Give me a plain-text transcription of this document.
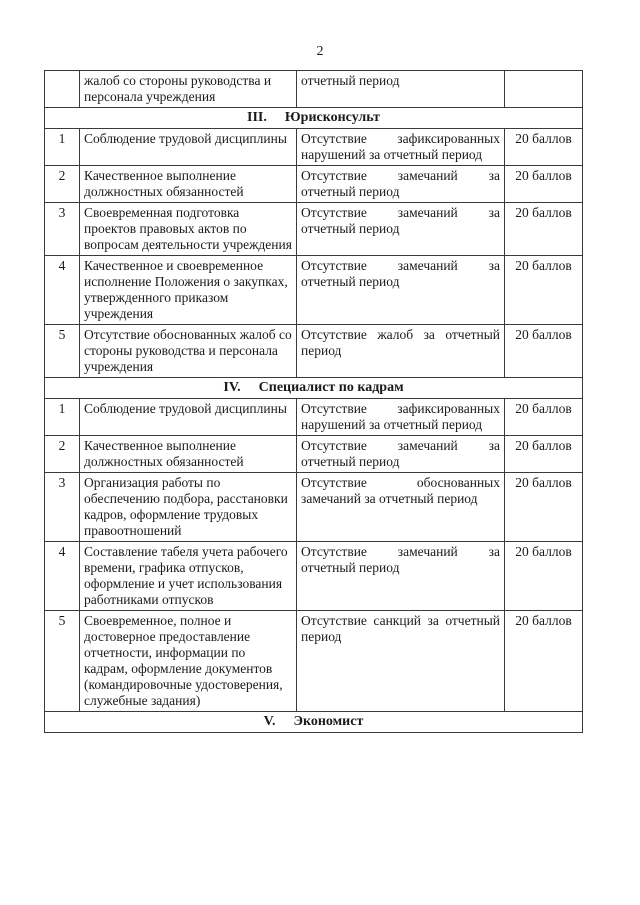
2
	жалоб со стороны руководства и персонала учреждения	отчетный период	
III. Юрисконсульт			
1	Соблюдение трудовой дисциплины	Отсутствие зафиксированных нарушений за отчетный период	20 баллов
2	Качественное выполнение должностных обязанностей	Отсутствие замечаний за отчетный период	20 баллов
3	Своевременная подготовка проектов правовых актов по вопросам деятельности учреждения	Отсутствие замечаний за отчетный период	20 баллов
4	Качественное и своевременное исполнение Положения о закупках, утвержденного приказом учреждения	Отсутствие замечаний за отчетный период	20 баллов
5	Отсутствие обоснованных жалоб со стороны руководства и персонала учреждения	Отсутствие жалоб за отчетный период	20 баллов
IV. Специалист по кадрам			
1	Соблюдение трудовой дисциплины	Отсутствие зафиксированных нарушений за отчетный период	20 баллов
2	Качественное выполнение должностных обязанностей	Отсутствие замечаний за отчетный период	20 баллов
3	Организация работы по обеспечению подбора, расстановки кадров, оформление трудовых правоотношений	Отсутствие обоснованных замечаний за отчетный период	20 баллов
4	Составление табеля учета рабочего времени, графика отпусков, оформление и учет использования работниками отпусков	Отсутствие замечаний за отчетный период	20 баллов
5	Своевременное, полное и достоверное предоставление отчетности, информации по кадрам, оформление документов (командировочные удостоверения, служебные задания)	Отсутствие санкций за отчетный период	20 баллов
V. Экономист			
